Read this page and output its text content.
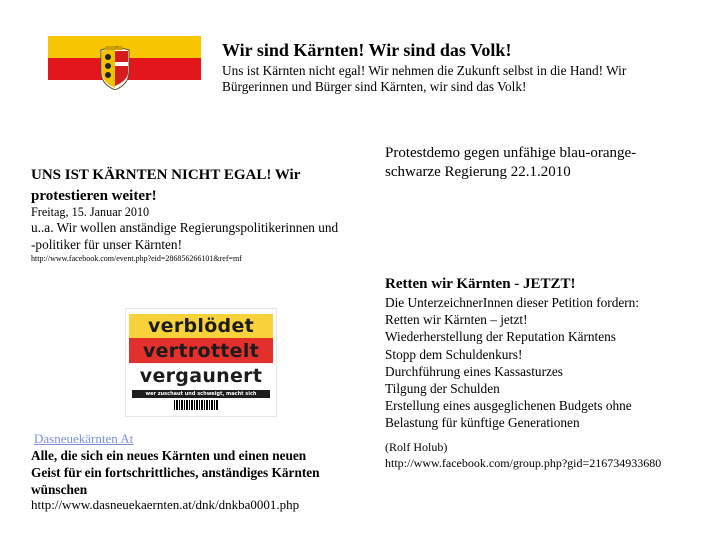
Wir sind Kärnten! Wir sind das Volk!
Uns ist Kärnten nicht egal! Wir nehmen die Zukunft selbst in die Hand! Wir Bürgerinnen und Bürger sind Kärnten, wir sind das Volk!
UNS IST KÄRNTEN NICHT EGAL! Wir protestieren weiter!
Freitag, 15. Januar 2010
u..a. Wir wollen anständige Regierungspolitikerinnen und -politiker für unser Kärnten!
http://www.facebook.com/event.php?eid=286856266101&ref=mf
verblödet
vertrottelt
vergaunert
wer zuschaut und schweigt, macht sich
Dasneuekärnten At
Alle, die sich ein neues Kärnten und einen neuen Geist für ein fortschrittliches, anständiges Kärnten wünschen
http://www.dasneuekaernten.at/dnk/dnkba0001.php
Protestdemo gegen unfähige blau-orange-schwarze Regierung 22.1.2010
Retten wir Kärnten - JETZT!
Die UnterzeichnerInnen dieser Petition fordern:
Retten wir Kärnten – jetzt!
Wiederherstellung der Reputation Kärntens
Stopp dem Schuldenkurs!
Durchführung eines Kassasturzes
Tilgung der Schulden
Erstellung eines ausgeglichenen Budgets ohne
Belastung für künftige Generationen
(Rolf Holub)
http://www.facebook.com/group.php?gid=216734933680
